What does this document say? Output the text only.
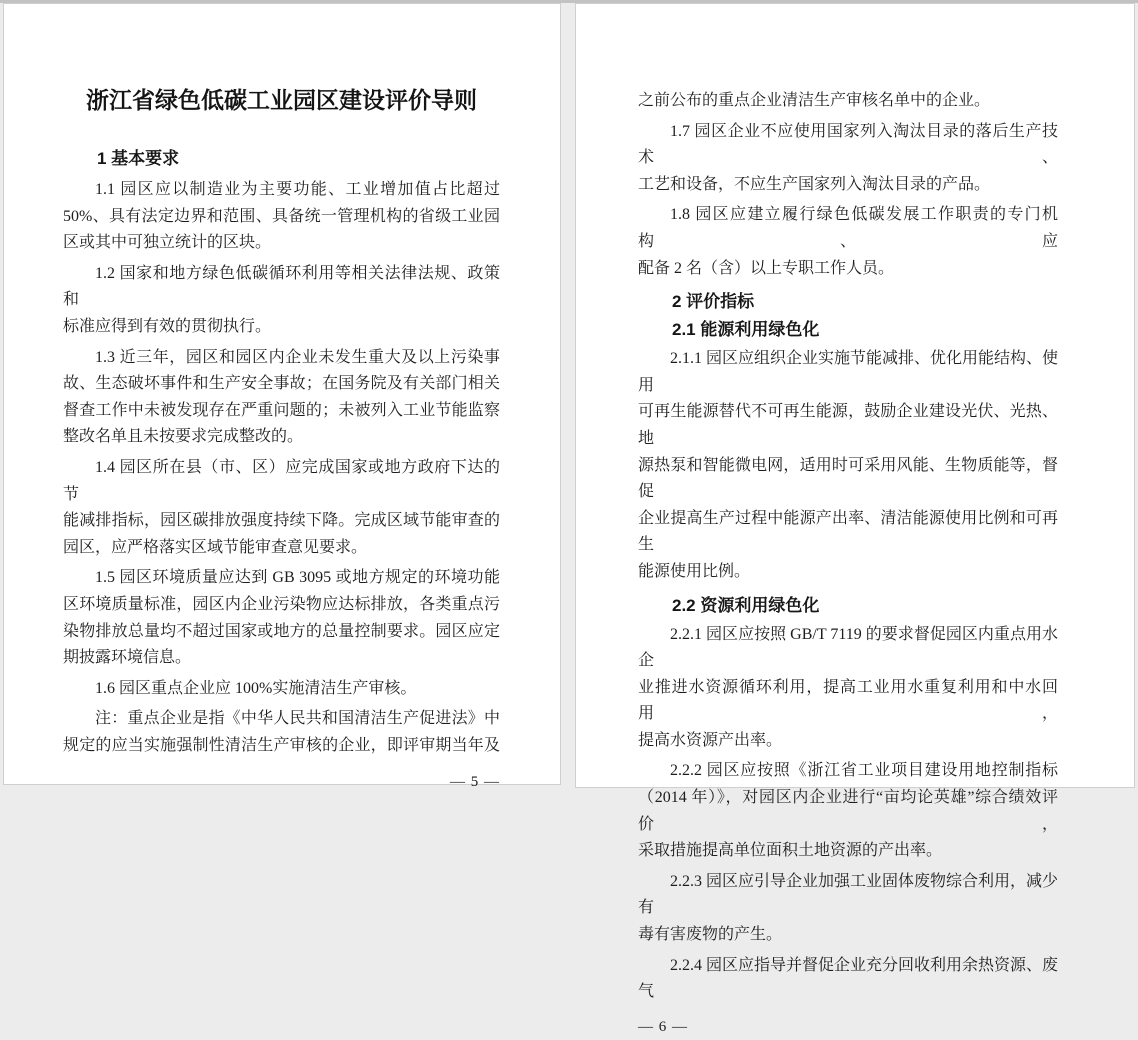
浙江省绿色低碳工业园区建设评价导则
1 基本要求
1.1 园区应以制造业为主要功能、工业增加值占比超过
50%、具有法定边界和范围、具备统一管理机构的省级工业园
区或其中可独立统计的区块。
1.2 国家和地方绿色低碳循环利用等相关法律法规、政策和
标准应得到有效的贯彻执行。
1.3 近三年，园区和园区内企业未发生重大及以上污染事
故、生态破坏事件和生产安全事故；在国务院及有关部门相关
督查工作中未被发现存在严重问题的；未被列入工业节能监察
整改名单且未按要求完成整改的。
1.4 园区所在县（市、区）应完成国家或地方政府下达的节
能减排指标，园区碳排放强度持续下降。完成区域节能审查的
园区，应严格落实区域节能审查意见要求。
1.5 园区环境质量应达到 GB 3095 或地方规定的环境功能
区环境质量标准，园区内企业污染物应达标排放，各类重点污
染物排放总量均不超过国家或地方的总量控制要求。园区应定
期披露环境信息。
1.6 园区重点企业应 100%实施清洁生产审核。
注：重点企业是指《中华人民共和国清洁生产促进法》中
规定的应当实施强制性清洁生产审核的企业，即评审期当年及
— 5 —
之前公布的重点企业清洁生产审核名单中的企业。
1.7 园区企业不应使用国家列入淘汰目录的落后生产技术、
工艺和设备，不应生产国家列入淘汰目录的产品。
1.8 园区应建立履行绿色低碳发展工作职责的专门机构、应
配备 2 名（含）以上专职工作人员。
2 评价指标
2.1 能源利用绿色化
2.1.1 园区应组织企业实施节能减排、优化用能结构、使用
可再生能源替代不可再生能源，鼓励企业建设光伏、光热、地
源热泵和智能微电网，适用时可采用风能、生物质能等，督促
企业提高生产过程中能源产出率、清洁能源使用比例和可再生
能源使用比例。
2.2 资源利用绿色化
2.2.1 园区应按照 GB/T 7119 的要求督促园区内重点用水企
业推进水资源循环利用，提高工业用水重复利用和中水回用，
提高水资源产出率。
2.2.2 园区应按照《浙江省工业项目建设用地控制指标
（2014 年）》，对园区内企业进行“亩均论英雄”综合绩效评价，
采取措施提高单位面积土地资源的产出率。
2.2.3 园区应引导企业加强工业固体废物综合利用，减少有
毒有害废物的产生。
2.2.4 园区应指导并督促企业充分回收利用余热资源、废气
— 6 —
